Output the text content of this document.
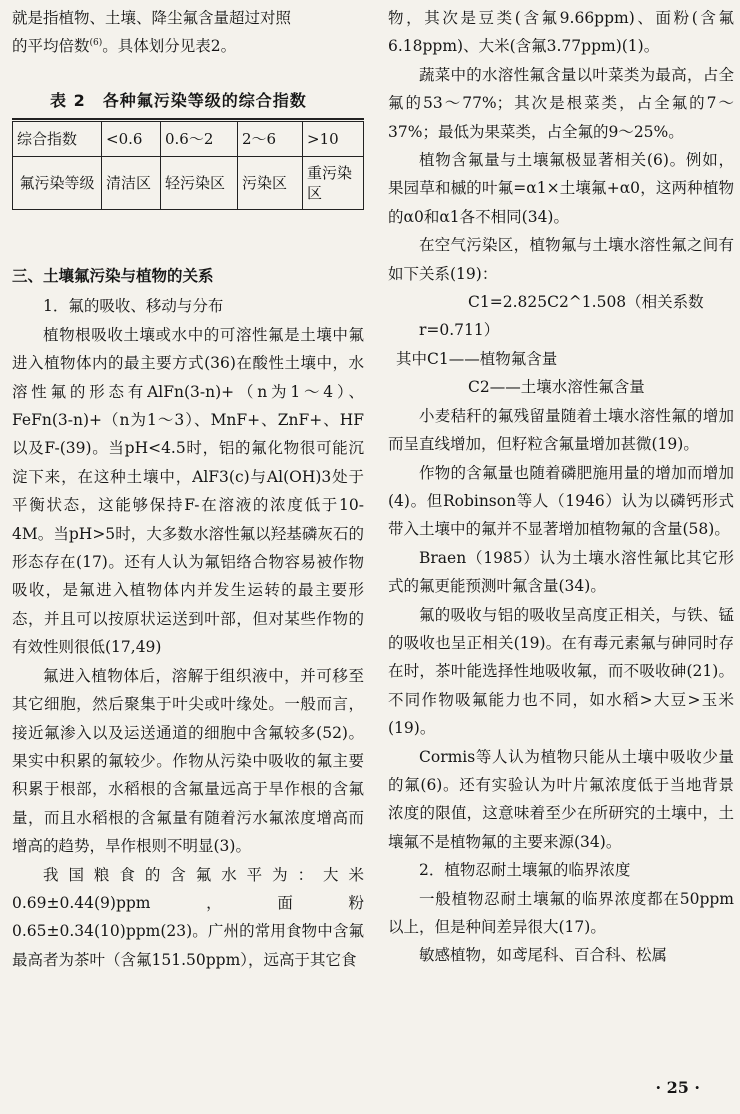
就是指植物、土壤、降尘氟含量超过对照

的平均倍数$^{(6)}$。具体划分见表2。

表 2　各种氟污染等级的综合指数
综合指数	<0.6	0.6～2	2～6	>10
氟污染等级	清洁区	轻污染区	污染区	重污染区

三、土壤氟污染与植物的关系

1．氟的吸收、移动与分布

植物根吸收土壤或水中的可溶性氟是土壤中氟进入植物体内的最主要方式(36)在酸性土壤中，水溶性氟的形态有AlFn(3-n)+（n为1～4）、FeFn(3-n)+（n为1～3）、MnF+、ZnF+、HF以及F-(39)。当pH<4.5时，铝的氟化物很可能沉淀下来，在这种土壤中，AlF3(c)与Al(OH)3处于平衡状态，这能够保持F-在溶液的浓度低于10-4M。当pH>5时，大多数水溶性氟以羟基磷灰石的形态存在(17)。还有人认为氟铝络合物容易被作物吸收，是氟进入植物体内并发生运转的最主要形态，并且可以按原状运送到叶部，但对某些作物的有效性则很低(17,49)

氟进入植物体后，溶解于组织液中，并可移至其它细胞，然后聚集于叶尖或叶缘处。一般而言，接近氟渗入以及运送通道的细胞中含氟较多(52)。果实中积累的氟较少。作物从污染中吸收的氟主要积累于根部，水稻根的含氟量远高于旱作根的含氟量，而且水稻根的含氟量有随着污水氟浓度增高而增高的趋势，旱作根则不明显(3)。

我国粮食的含氟水平为：大米0.69±0.44(9)ppm，面粉0.65±0.34(10)ppm(23)。广州的常用食物中含氟最高者为茶叶（含氟151.50ppm），远高于其它食

物，其次是豆类(含氟9.66ppm)、面粉(含氟6.18ppm)、大米(含氟3.77ppm)(1)。

蔬菜中的水溶性氟含量以叶菜类为最高，占全氟的53～77%；其次是根菜类，占全氟的7～37%；最低为果菜类，占全氟的9～25%。

植物含氟量与土壤氟极显著相关(6)。例如，果园草和槭的叶氟=α1×土壤氟+α0，这两种植物的α0和α1各不相同(34)。

在空气污染区，植物氟与土壤水溶性氟之间有如下关系(19)：

C1=2.825C2^1.508（相关系数

r=0.711）

其中C1——植物氟含量

C2——土壤水溶性氟含量

小麦秸秆的氟残留量随着土壤水溶性氟的增加而呈直线增加，但籽粒含氟量增加甚微(19)。

作物的含氟量也随着磷肥施用量的增加而增加(4)。但Robinson等人（1946）认为以磷钙形式带入土壤中的氟并不显著增加植物氟的含量(58)。

Braen（1985）认为土壤水溶性氟比其它形式的氟更能预测叶氟含量(34)。

氟的吸收与铝的吸收呈高度正相关，与铁、锰的吸收也呈正相关(19)。在有毒元素氟与砷同时存在时，茶叶能选择性地吸收氟，而不吸收砷(21)。不同作物吸氟能力也不同，如水稻>大豆>玉米(19)。

Cormis等人认为植物只能从土壤中吸收少量的氟(6)。还有实验认为叶片氟浓度低于当地背景浓度的限值，这意味着至少在所研究的土壤中，土壤氟不是植物氟的主要来源(34)。

2．植物忍耐土壤氟的临界浓度

一般植物忍耐土壤氟的临界浓度都在50ppm以上，但是种间差异很大(17)。

敏感植物，如鸢尾科、百合科、松属

· 25 ·
